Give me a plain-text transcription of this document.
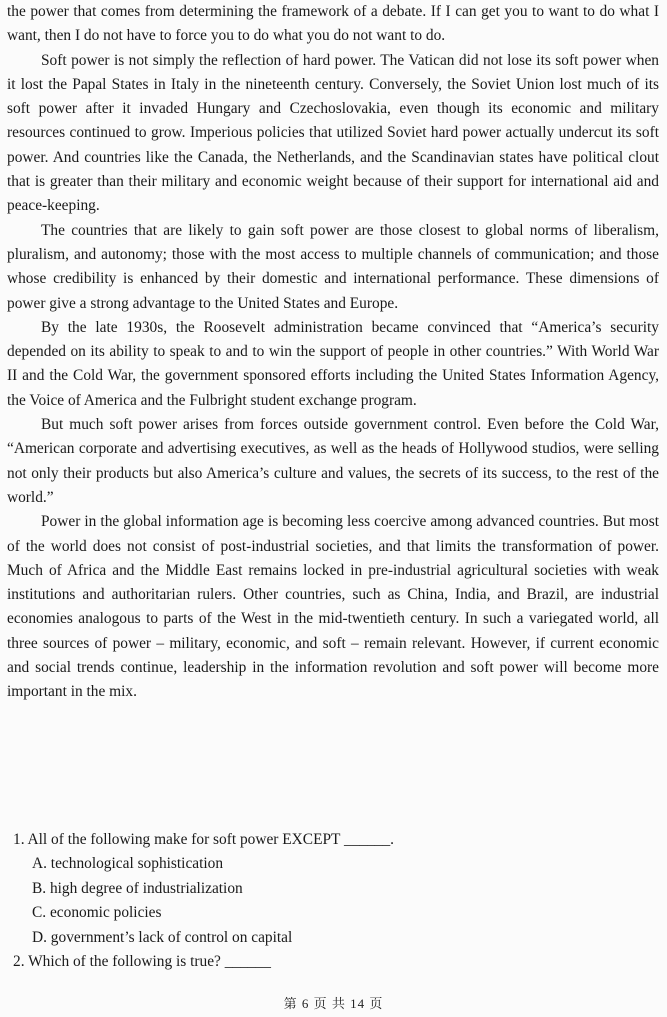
the power that comes from determining the framework of a debate. If I can get you to want to do what I want, then I do not have to force you to do what you do not want to do.

Soft power is not simply the reflection of hard power. The Vatican did not lose its soft power when it lost the Papal States in Italy in the nineteenth century. Conversely, the Soviet Union lost much of its soft power after it invaded Hungary and Czechoslovakia, even though its economic and military resources continued to grow. Imperious policies that utilized Soviet hard power actually undercut its soft power. And countries like the Canada, the Netherlands, and the Scandinavian states have political clout that is greater than their military and economic weight because of their support for international aid and peace-keeping.

The countries that are likely to gain soft power are those closest to global norms of liberalism, pluralism, and autonomy; those with the most access to multiple channels of communication; and those whose credibility is enhanced by their domestic and international performance. These dimensions of power give a strong advantage to the United States and Europe.

By the late 1930s, the Roosevelt administration became convinced that “America’s security depended on its ability to speak to and to win the support of people in other countries.” With World War II and the Cold War, the government sponsored efforts including the United States Information Agency, the Voice of America and the Fulbright student exchange program.

But much soft power arises from forces outside government control. Even before the Cold War, “American corporate and advertising executives, as well as the heads of Hollywood studios, were selling not only their products but also America’s culture and values, the secrets of its success, to the rest of the world.”

Power in the global information age is becoming less coercive among advanced countries. But most of the world does not consist of post-industrial societies, and that limits the transformation of power. Much of Africa and the Middle East remains locked in pre-industrial agricultural societies with weak institutions and authoritarian rulers. Other countries, such as China, India, and Brazil, are industrial economies analogous to parts of the West in the mid-twentieth century. In such a variegated world, all three sources of power – military, economic, and soft – remain relevant. However, if current economic and social trends continue, leadership in the information revolution and soft power will become more important in the mix.

1. All of the following make for soft power EXCEPT ______.

A. technological sophistication

B. high degree of industrialization

C. economic policies

D. government’s lack of control on capital

2. Which of the following is true? ______

第 6 页 共 14 页
